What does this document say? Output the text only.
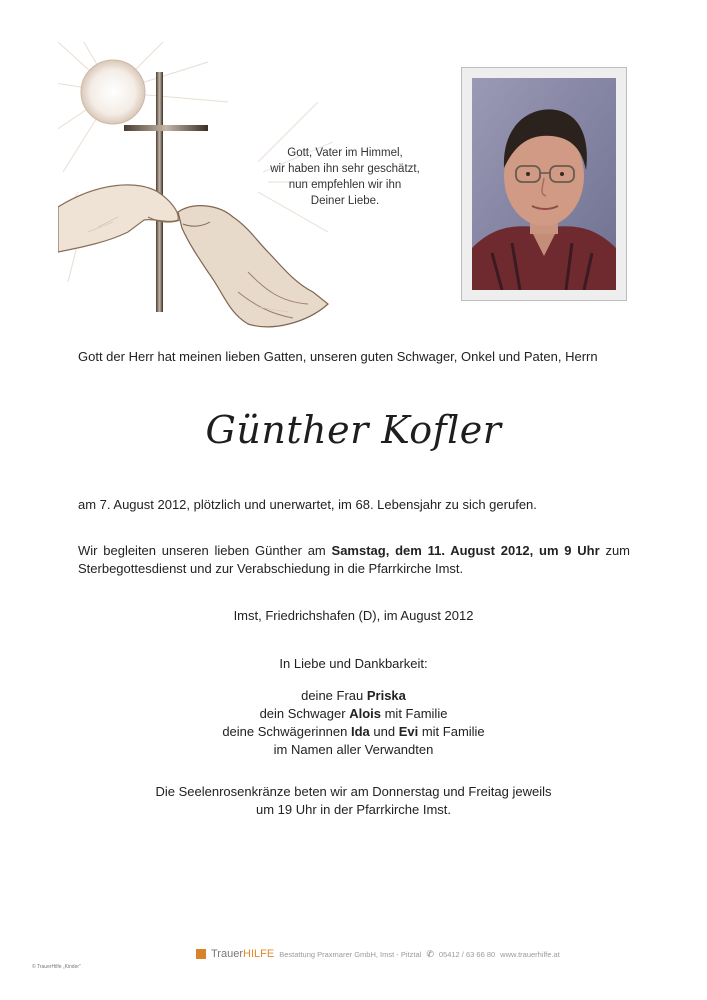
Gott, Vater im Himmel,
wir haben ihn sehr geschätzt,
nun empfehlen wir ihn
Deiner Liebe.
Gott der Herr hat meinen lieben Gatten, unseren guten Schwager, Onkel und Paten, Herrn
Günther Kofler
am 7. August 2012, plötzlich und unerwartet, im 68. Lebensjahr zu sich gerufen.
Wir begleiten unseren lieben Günther am Samstag, dem 11. August 2012, um 9 Uhr zum Sterbegottesdienst und zur Verabschiedung in die Pfarrkirche Imst.
Imst, Friedrichshafen (D), im August 2012
In Liebe und Dankbarkeit:
deine Frau Priska
dein Schwager Alois mit Familie
deine Schwägerinnen Ida und Evi mit Familie
im Namen aller Verwandten
Die Seelenrosenkränze beten wir am Donnerstag und Freitag jeweils
um 19 Uhr in der Pfarrkirche Imst.
Trauer HILFE Bestattung Praxmarer GmbH, Imst - Pitztal ✆ 05412 / 63 66 80 www.trauerhilfe.at
© TrauerHilfe „Kinder“
